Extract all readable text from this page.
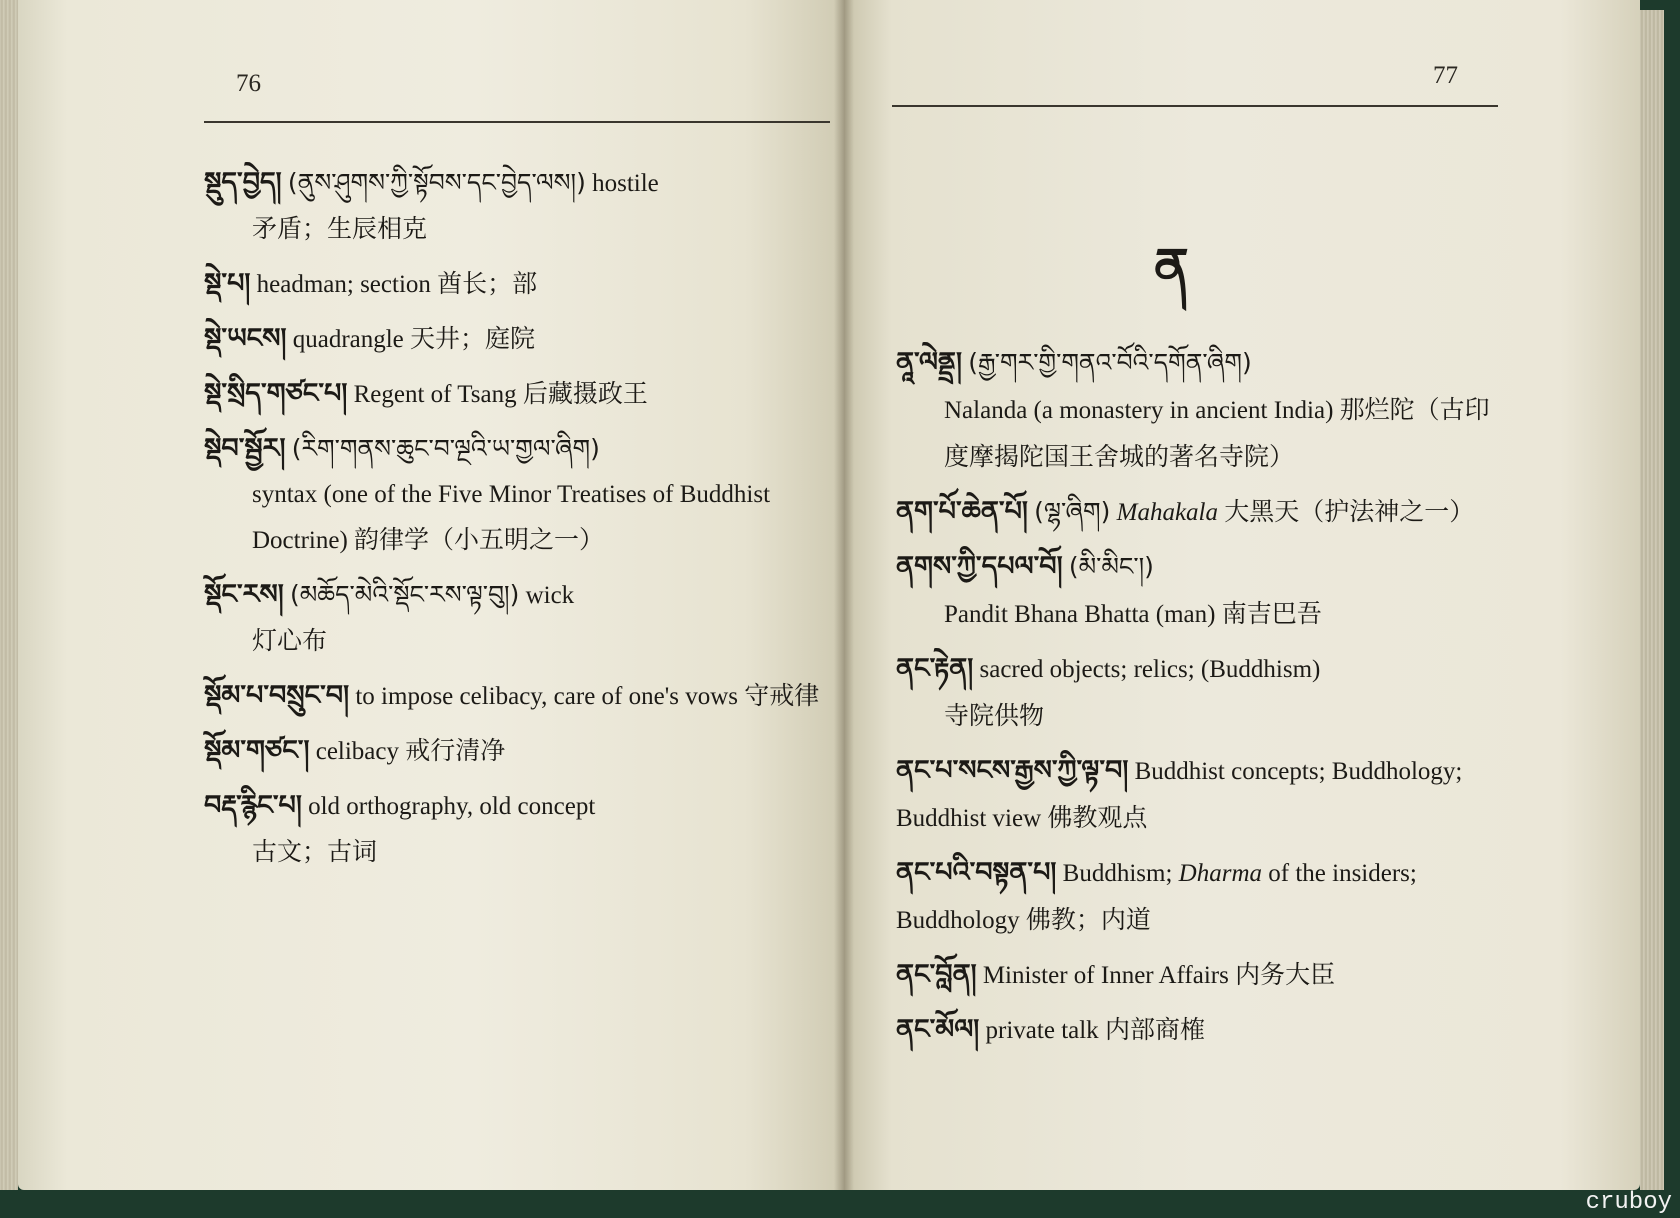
76
སྡུད་བྱེད། (ནུས་ཤུགས་ཀྱི་སྟོབས་དང་བྱེད་ལས།) hostile
矛盾；生辰相克
སྡེ་པ། headman; section 酋长；部
སྡེ་ཡངས། quadrangle 天井；庭院
སྡེ་སྲིད་གཙང་པ། Regent of Tsang 后藏摄政王
སྡེབ་སྦྱོར། (རིག་གནས་ཆུང་བ་ལྔའི་ཡ་གྱལ་ཞིག)
syntax (one of the Five Minor Treatises of Buddhist Doctrine) 韵律学（小五明之一）
སྡོང་རས། (མཆོད་མེའི་སྡོང་རས་ལྟ་བུ།) wick
灯心布
སྡོམ་པ་བསྲུང་བ། to impose celibacy, care of one's vows 守戒律
སྡོམ་གཙང་། celibacy 戒行清净
བརྡ་རྙིང་པ། old orthography, old concept
古文；古词
77
ན
ནཱ་ལེནྡྲ། (རྒྱ་གར་གྱི་གནའ་བོའི་དགོན་ཞིག)
Nalanda (a monastery in ancient India) 那烂陀（古印度摩揭陀国王舍城的著名寺院）
ནག་པོ་ཆེན་པོ། (ལྷ་ཞིག) Mahakala 大黑天（护法神之一）
ནགས་ཀྱི་དཔལ་བོ། (མི་མིང་།)
Pandit Bhana Bhatta (man) 南吉巴吾
ནང་རྟེན། sacred objects; relics; (Buddhism)
寺院供物
ནང་པ་སངས་རྒྱས་ཀྱི་ལྟ་བ། Buddhist concepts; Buddhology; Buddhist view 佛教观点
ནང་པའི་བསྟན་པ། Buddhism; Dharma of the insiders; Buddhology 佛教；内道
ནང་བློན། Minister of Inner Affairs 内务大臣
ནང་མོལ། private talk 内部商榷
cruboy
